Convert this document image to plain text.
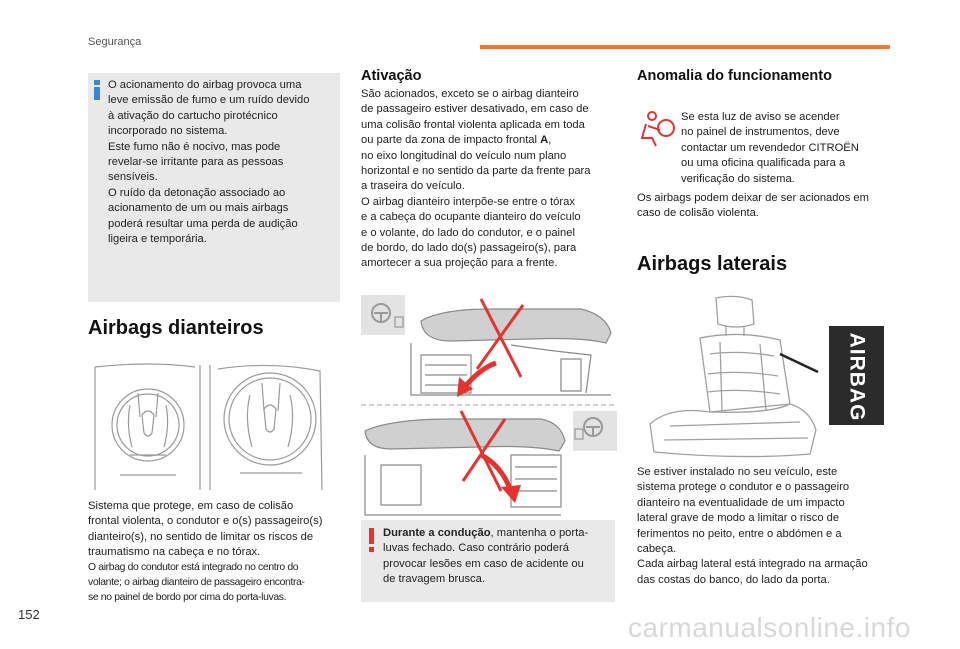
Segurança
O acionamento do airbag provoca uma
leve emissão de fumo e um ruído devido
à ativação do cartucho pirotécnico
incorporado no sistema.
Este fumo não é nocivo, mas pode
revelar-se irritante para as pessoas
sensíveis.
O ruído da detonação associado ao
acionamento de um ou mais airbags
poderá resultar uma perda de audição
ligeira e temporária.
Airbags dianteiros
Sistema que protege, em caso de colisão
frontal violenta, o condutor e o(s) passageiro(s)
dianteiro(s), no sentido de limitar os riscos de
traumatismo na cabeça e no tórax.
O airbag do condutor está integrado no centro do
volante; o airbag dianteiro de passageiro encontra-
se no painel de bordo por cima do porta-luvas.
Ativação
São acionados, exceto se o airbag dianteiro
de passageiro estiver desativado, em caso de
uma colisão frontal violenta aplicada em toda
ou parte da zona de impacto frontal A,
no eixo longitudinal do veículo num plano
horizontal e no sentido da parte da frente para
a traseira do veículo.
O airbag dianteiro interpõe-se entre o tórax
e a cabeça do ocupante dianteiro do veículo
e o volante, do lado do condutor, e o painel
de bordo, do lado do(s) passageiro(s), para
amortecer a sua projeção para a frente.
Durante a condução, mantenha o porta-
luvas fechado. Caso contrário poderá
provocar lesões em caso de acidente ou
de travagem brusca.
Anomalia do funcionamento
Se esta luz de aviso se acender
no painel de instrumentos, deve
contactar um revendedor CITROËN
ou uma oficina qualificada para a
verificação do sistema.
Os airbags podem deixar de ser acionados em
caso de colisão violenta.
Airbags laterais
AIRBAG
Se estiver instalado no seu veículo, este
sistema protege o condutor e o passageiro
dianteiro na eventualidade de um impacto
lateral grave de modo a limitar o risco de
ferimentos no peito, entre o abdómen e a
cabeça.
Cada airbag lateral está integrado na armação
das costas do banco, do lado da porta.
152	carmanualsonline.info
